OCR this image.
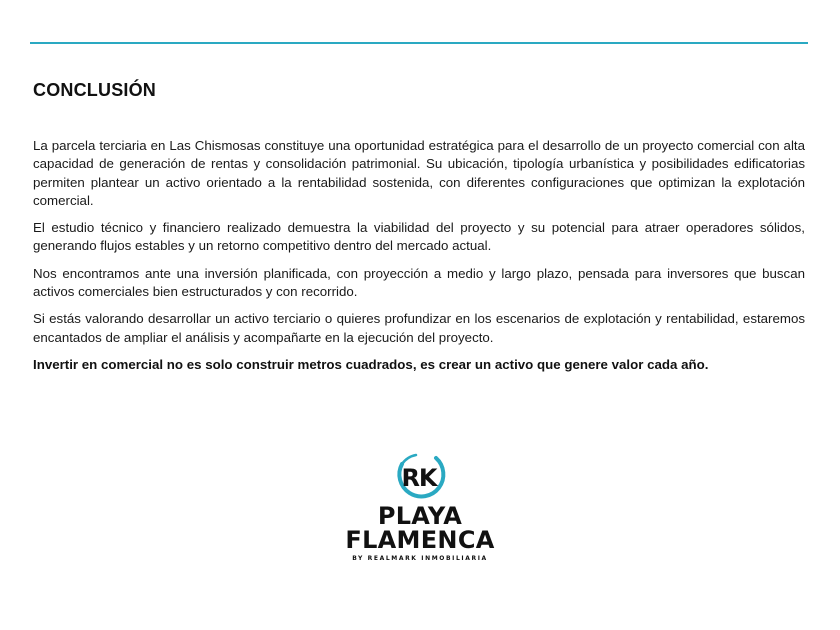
CONCLUSIÓN

La parcela terciaria en Las Chismosas constituye una oportunidad estratégica para el desarrollo de un proyecto comercial con alta capacidad de generación de rentas y consolidación patrimonial. Su ubicación, tipología urbanística y posibilidades edificatorias permiten plantear un activo orientado a la rentabilidad sostenida, con diferentes configuraciones que optimizan la explotación comercial.

El estudio técnico y financiero realizado demuestra la viabilidad del proyecto y su potencial para atraer operadores sólidos, generando flujos estables y un retorno competitivo dentro del mercado actual.

Nos encontramos ante una inversión planificada, con proyección a medio y largo plazo, pensada para inversores que buscan activos comerciales bien estructurados y con recorrido.

Si estás valorando desarrollar un activo terciario o quieres profundizar en los escenarios de explotación y rentabilidad, estaremos encantados de ampliar el análisis y acompañarte en la ejecución del proyecto.

Invertir en comercial no es solo construir metros cuadrados, es crear un activo que genere valor cada año.

RK
PLAYA
FLAMENCA
BY REALMARK INMOBILIARIA
